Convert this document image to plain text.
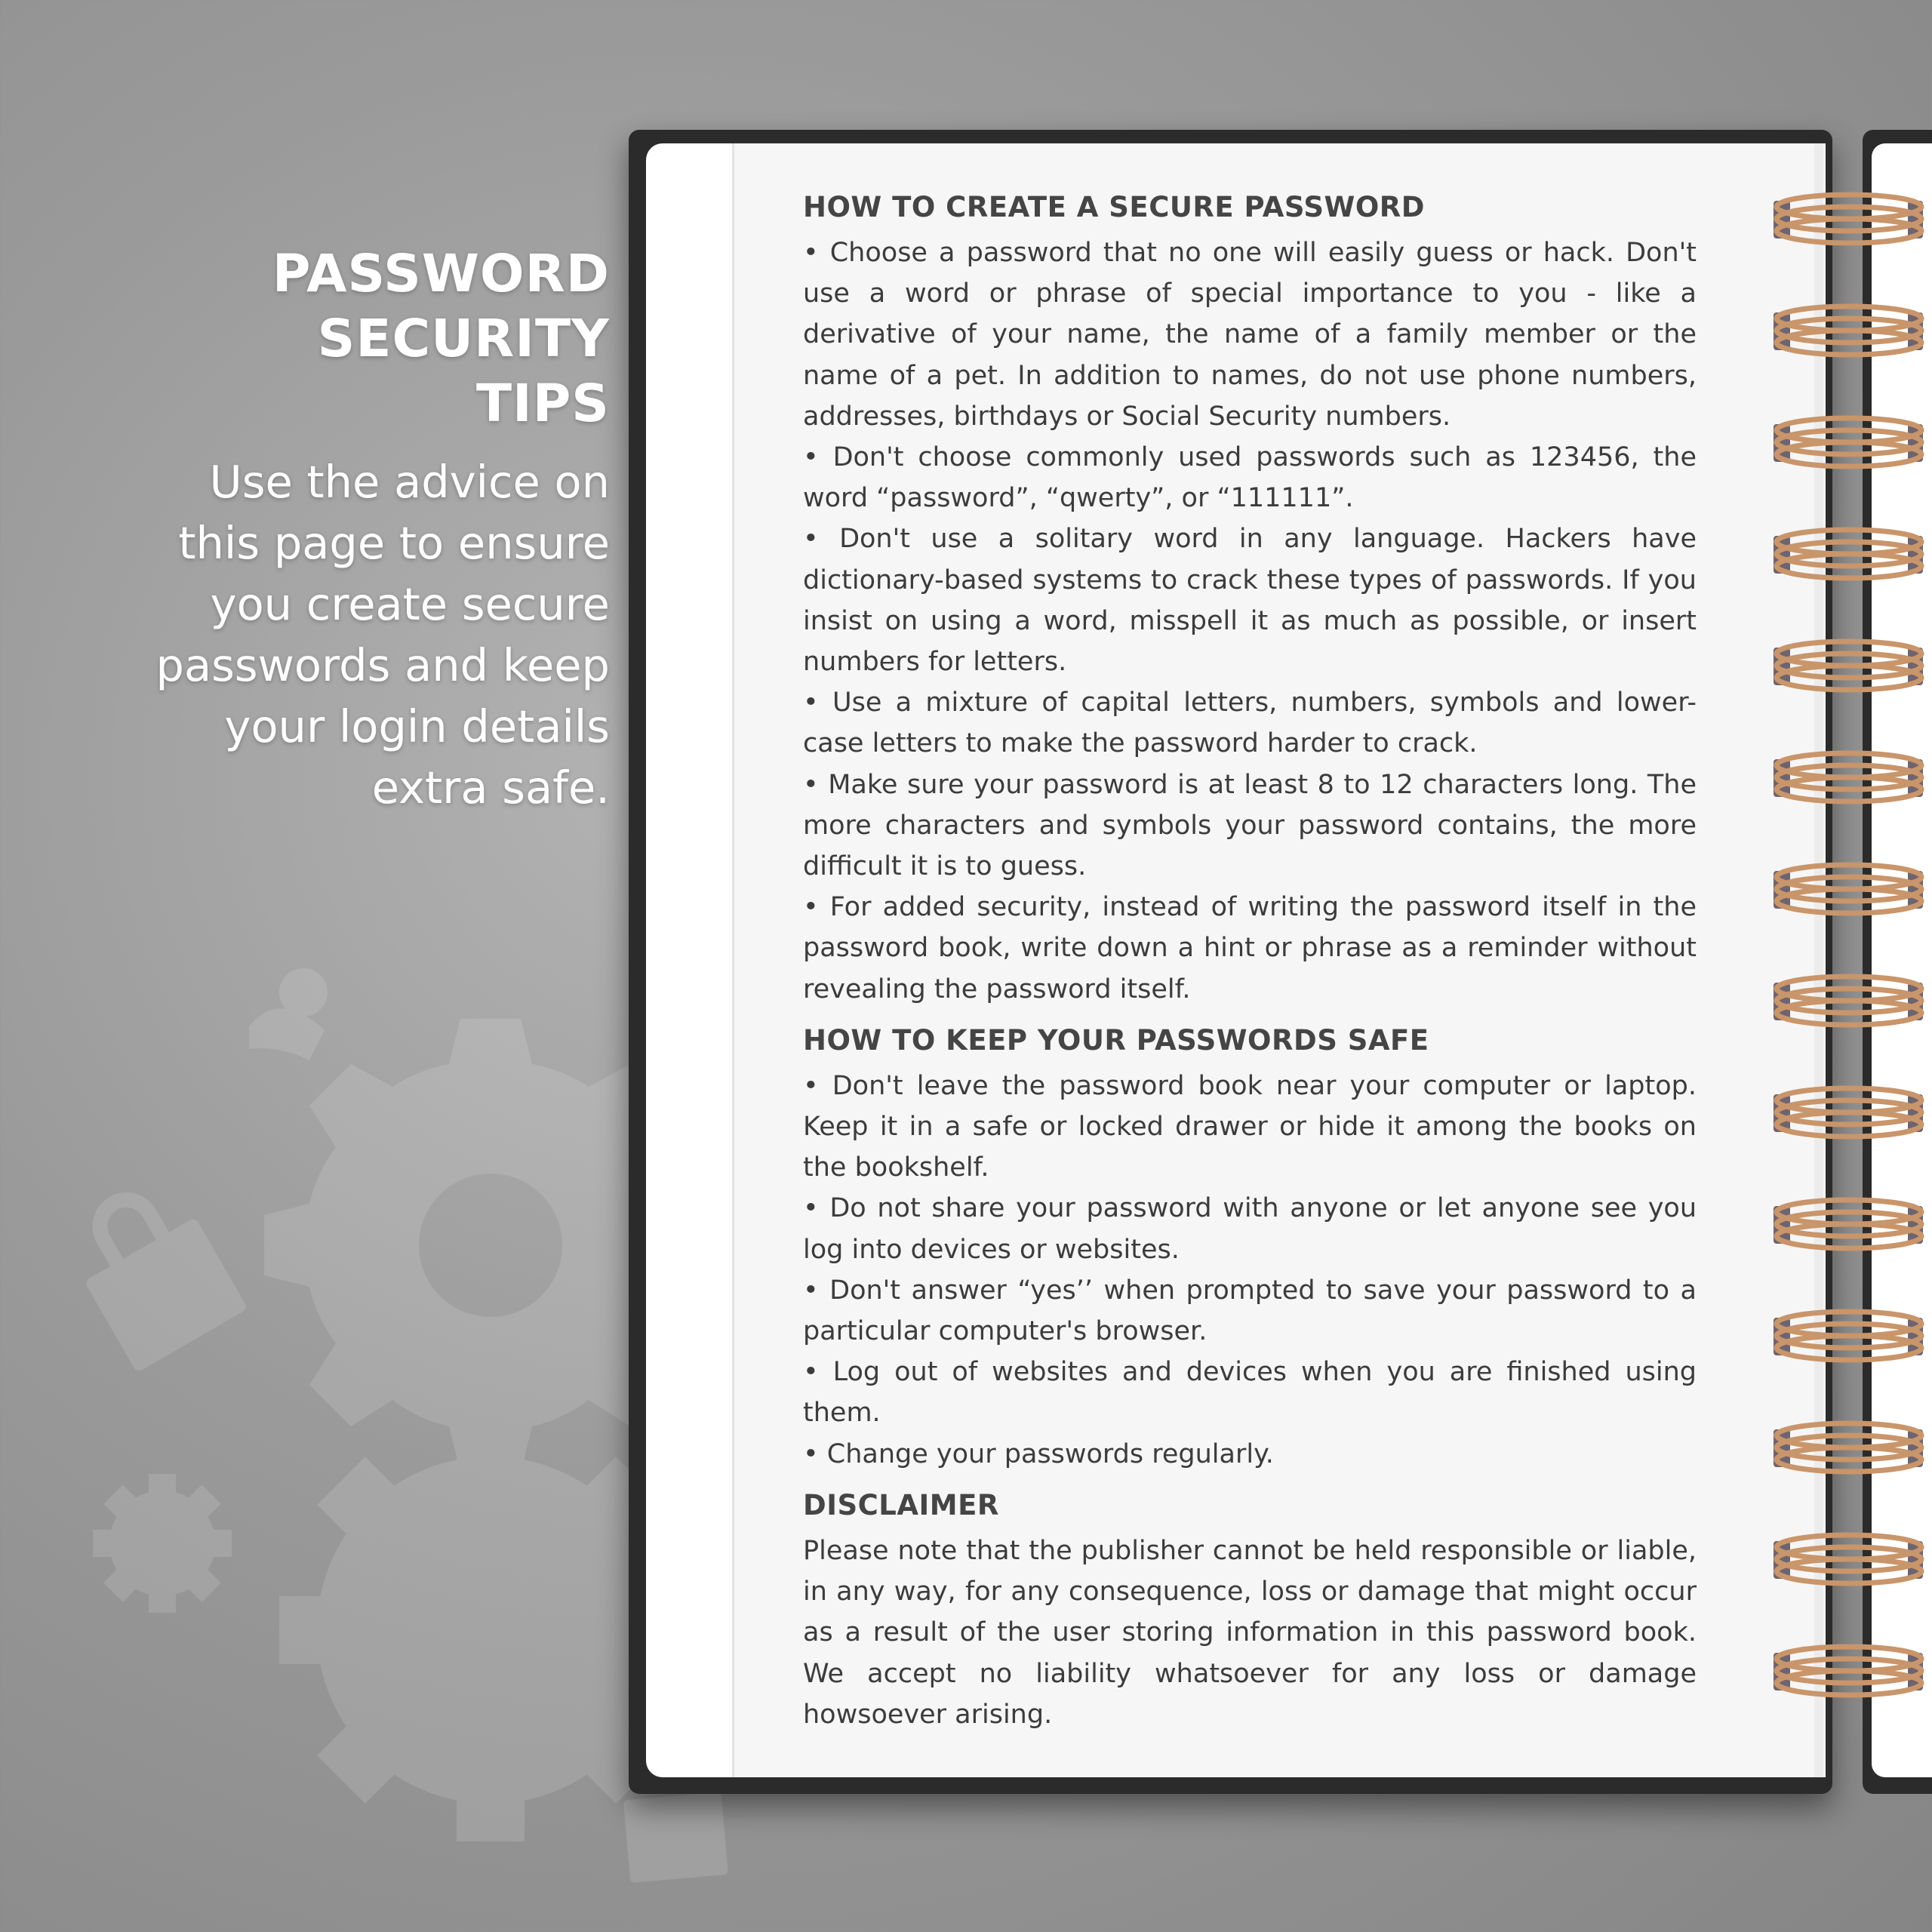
PASSWORD
SECURITY
TIPS
Use the advice on
this page to ensure
you create secure
passwords and keep
your login details
extra safe.
HOW TO CREATE A SECURE PASSWORD

• Choose a password that no one will easily guess or hack. Don't use a word or phrase of special importance to you - like a derivative of your name, the name of a family member or the name of a pet. In addition to names, do not use phone numbers, addresses, birthdays or Social Security numbers.

• Don't choose commonly used passwords such as 123456, the word “password”, “qwerty”, or “111111”.

• Don't use a solitary word in any language. Hackers have dictionary-based systems to crack these types of passwords. If you insist on using a word, misspell it as much as possible, or insert numbers for letters.

• Use a mixture of capital letters, numbers, symbols and lower-case letters to make the password harder to crack.

• Make sure your password is at least 8 to 12 characters long. The more characters and symbols your password contains, the more difficult it is to guess.

• For added security, instead of writing the password itself in the password book, write down a hint or phrase as a reminder without revealing the password itself.

HOW TO KEEP YOUR PASSWORDS SAFE

• Don't leave the password book near your computer or laptop. Keep it in a safe or locked drawer or hide it among the books on the bookshelf.

• Do not share your password with anyone or let anyone see you log into devices or websites.

• Don't answer “yes’’ when prompted to save your password to a particular computer's browser.

• Log out of websites and devices when you are finished using them.

• Change your passwords regularly.

DISCLAIMER

Please note that the publisher cannot be held responsible or liable, in any way, for any consequence, loss or damage that might occur as a result of the user storing information in this password book. We accept no liability whatsoever for any loss or damage howsoever arising.
